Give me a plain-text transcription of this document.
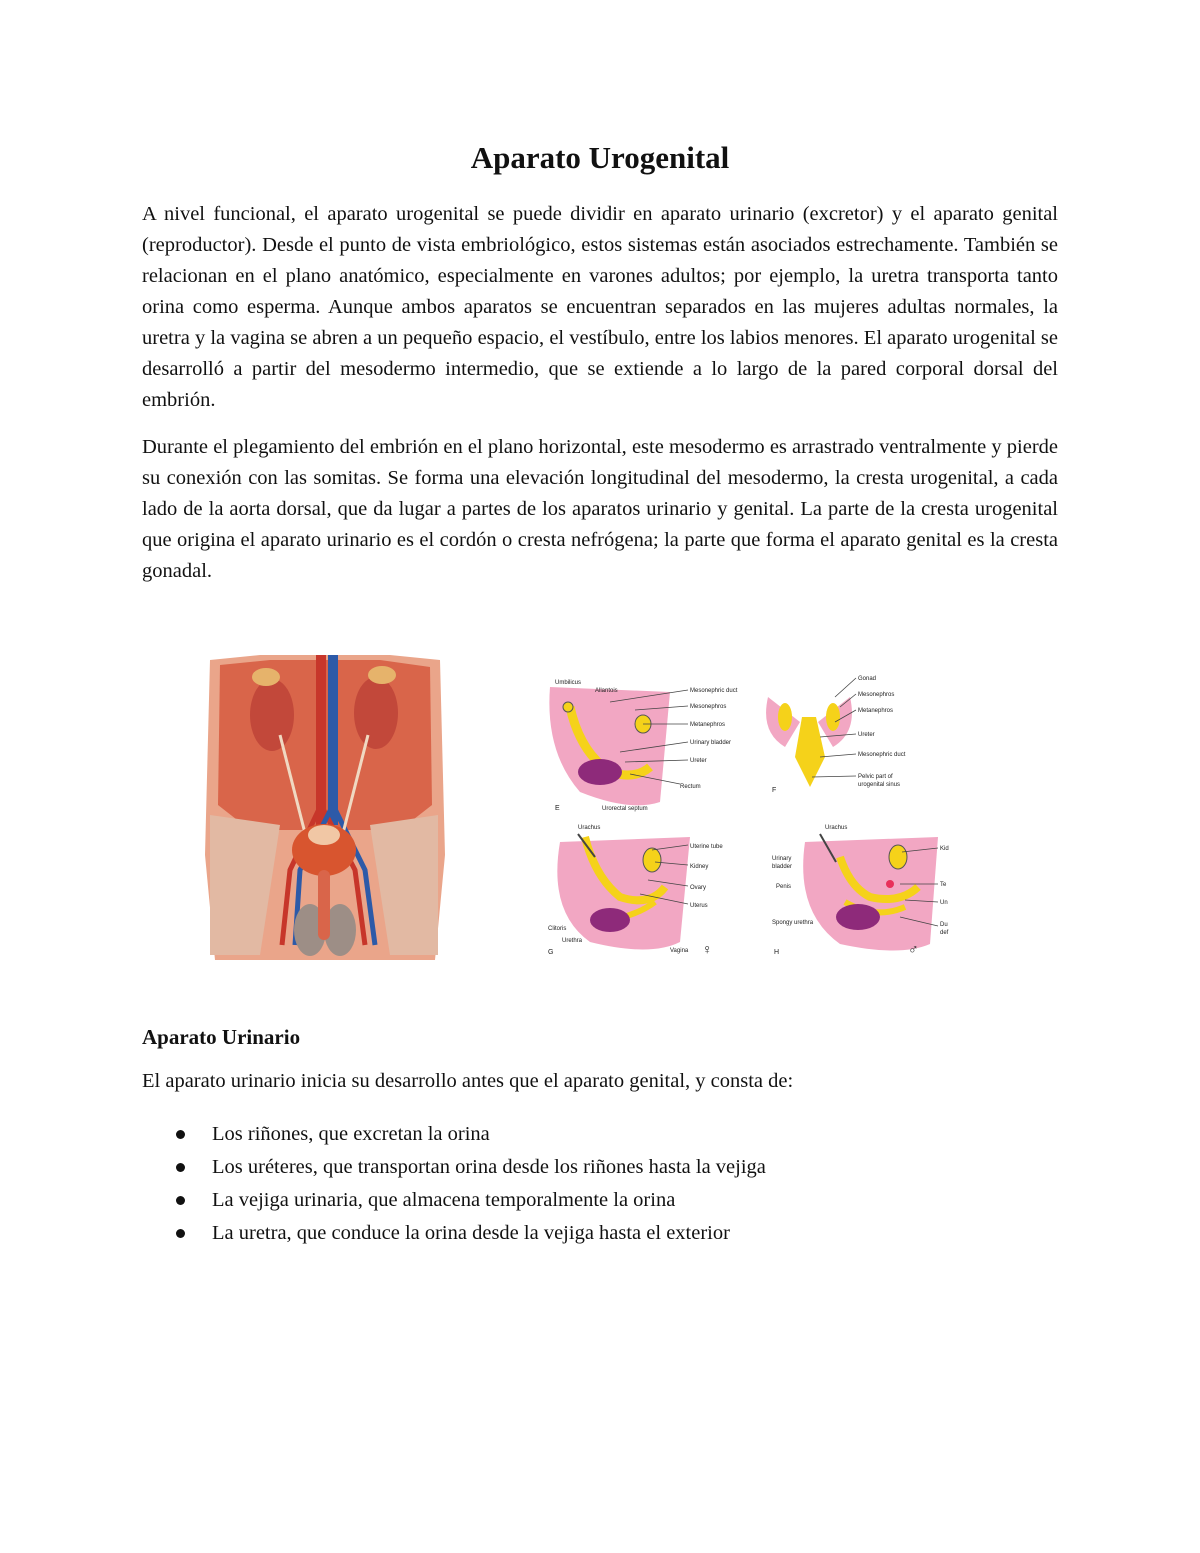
Aparato Urogenital

A nivel funcional, el aparato urogenital se puede dividir en aparato urinario (excretor) y el aparato genital (reproductor). Desde el punto de vista embriológico, estos sistemas están asociados estrechamente. También se relacionan en el plano anatómico, especialmente en varones adultos; por ejemplo, la uretra transporta tanto orina como esperma. Aunque ambos aparatos se encuentran separados en las mujeres adultas normales, la uretra y la vagina se abren a un pequeño espacio, el vestíbulo, entre los labios menores. El aparato urogenital se desarrolló a partir del mesodermo intermedio, que se extiende a lo largo de la pared corporal dorsal del embrión.

Durante el plegamiento del embrión en el plano horizontal, este mesodermo es arrastrado ventralmente y pierde su conexión con las somitas. Se forma una elevación longitudinal del mesodermo, la cresta urogenital, a cada lado de la aorta dorsal, que da lugar a partes de los aparatos urinario y genital. La parte de la cresta urogenital que origina el aparato urinario es el cordón o cresta nefrógena; la parte que forma el aparato genital es la cresta gonadal.

Umbilicus
Allantois	Mesonephric duct
Mesonephros
Metanephros
Urinary bladder
Ureter
Rectum
Urorectal septum
E
Gonad
Mesonephros
Metanephros
Ureter
Mesonephric duct
Pelvic part of
urogenital sinus
F
Urachus
Uterine tube
Kidney
Ovary
Uterus
Clitoris
Urethra
Vagina
G	♀
Urachus
Urinary
bladder
Kid
Penis	Te
Un
Spongy urethra	Du
def
H	♂
Aparato Urinario

El aparato urinario inicia su desarrollo antes que el aparato genital, y consta de:

Los riñones, que excretan la orina
Los uréteres, que transportan orina desde los riñones hasta la vejiga
La vejiga urinaria, que almacena temporalmente la orina
La uretra, que conduce la orina desde la vejiga hasta el exterior
